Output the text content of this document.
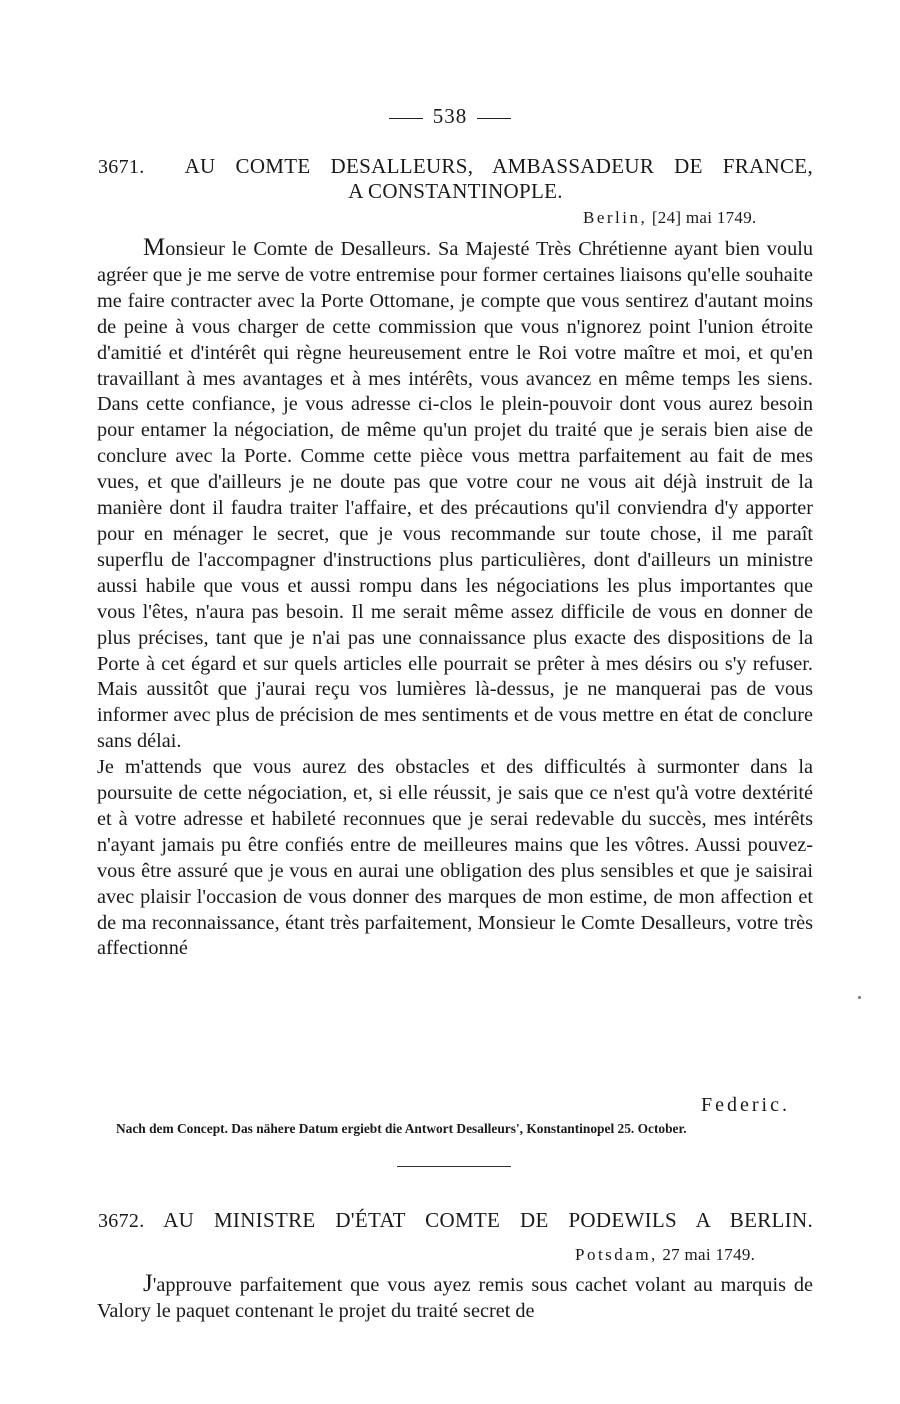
538
3671. AU COMTE DESALLEURS, AMBASSADEUR DE FRANCE,
A CONSTANTINOPLE.
Berlin, [24] mai 1749.

Monsieur le Comte de Desalleurs. Sa Majesté Très Chrétienne ayant bien voulu agréer que je me serve de votre entremise pour former certaines liaisons qu'elle souhaite me faire contracter avec la Porte Ottomane, je compte que vous sentirez d'autant moins de peine à vous charger de cette commission que vous n'ignorez point l'union étroite d'amitié et d'intérêt qui règne heureusement entre le Roi votre maître et moi, et qu'en travaillant à mes avantages et à mes intérêts, vous avancez en même temps les siens. Dans cette confiance, je vous adresse ci-clos le plein-pouvoir dont vous aurez besoin pour entamer la négociation, de même qu'un projet du traité que je serais bien aise de conclure avec la Porte. Comme cette pièce vous mettra parfaitement au fait de mes vues, et que d'ailleurs je ne doute pas que votre cour ne vous ait déjà instruit de la manière dont il faudra traiter l'affaire, et des précautions qu'il conviendra d'y apporter pour en ménager le secret, que je vous recommande sur toute chose, il me paraît superflu de l'accompagner d'instructions plus particulières, dont d'ailleurs un ministre aussi habile que vous et aussi rompu dans les négociations les plus importantes que vous l'êtes, n'aura pas besoin. Il me serait même assez difficile de vous en donner de plus précises, tant que je n'ai pas une connaissance plus exacte des dispositions de la Porte à cet égard et sur quels articles elle pourrait se prêter à mes désirs ou s'y refuser. Mais aussitôt que j'aurai reçu vos lumières là-dessus, je ne manquerai pas de vous informer avec plus de précision de mes sentiments et de vous mettre en état de conclure sans délai.

Je m'attends que vous aurez des obstacles et des difficultés à surmonter dans la poursuite de cette négociation, et, si elle réussit, je sais que ce n'est qu'à votre dextérité et à votre adresse et habileté reconnues que je serai redevable du succès, mes intérêts n'ayant jamais pu être confiés entre de meilleures mains que les vôtres. Aussi pouvez-vous être assuré que je vous en aurai une obligation des plus sensibles et que je saisirai avec plaisir l'occasion de vous donner des marques de mon estime, de mon affection et de ma reconnaissance, étant très parfaitement, Monsieur le Comte Desalleurs, votre très affectionné

Federic.
Nach dem Concept. Das nähere Datum ergiebt die Antwort Desalleurs', Konstantinopel 25. October.
3672. AU MINISTRE D'ÉTAT COMTE DE PODEWILS A BERLIN.
Potsdam, 27 mai 1749.

J'approuve parfaitement que vous ayez remis sous cachet volant au marquis de Valory le paquet contenant le projet du traité secret de
